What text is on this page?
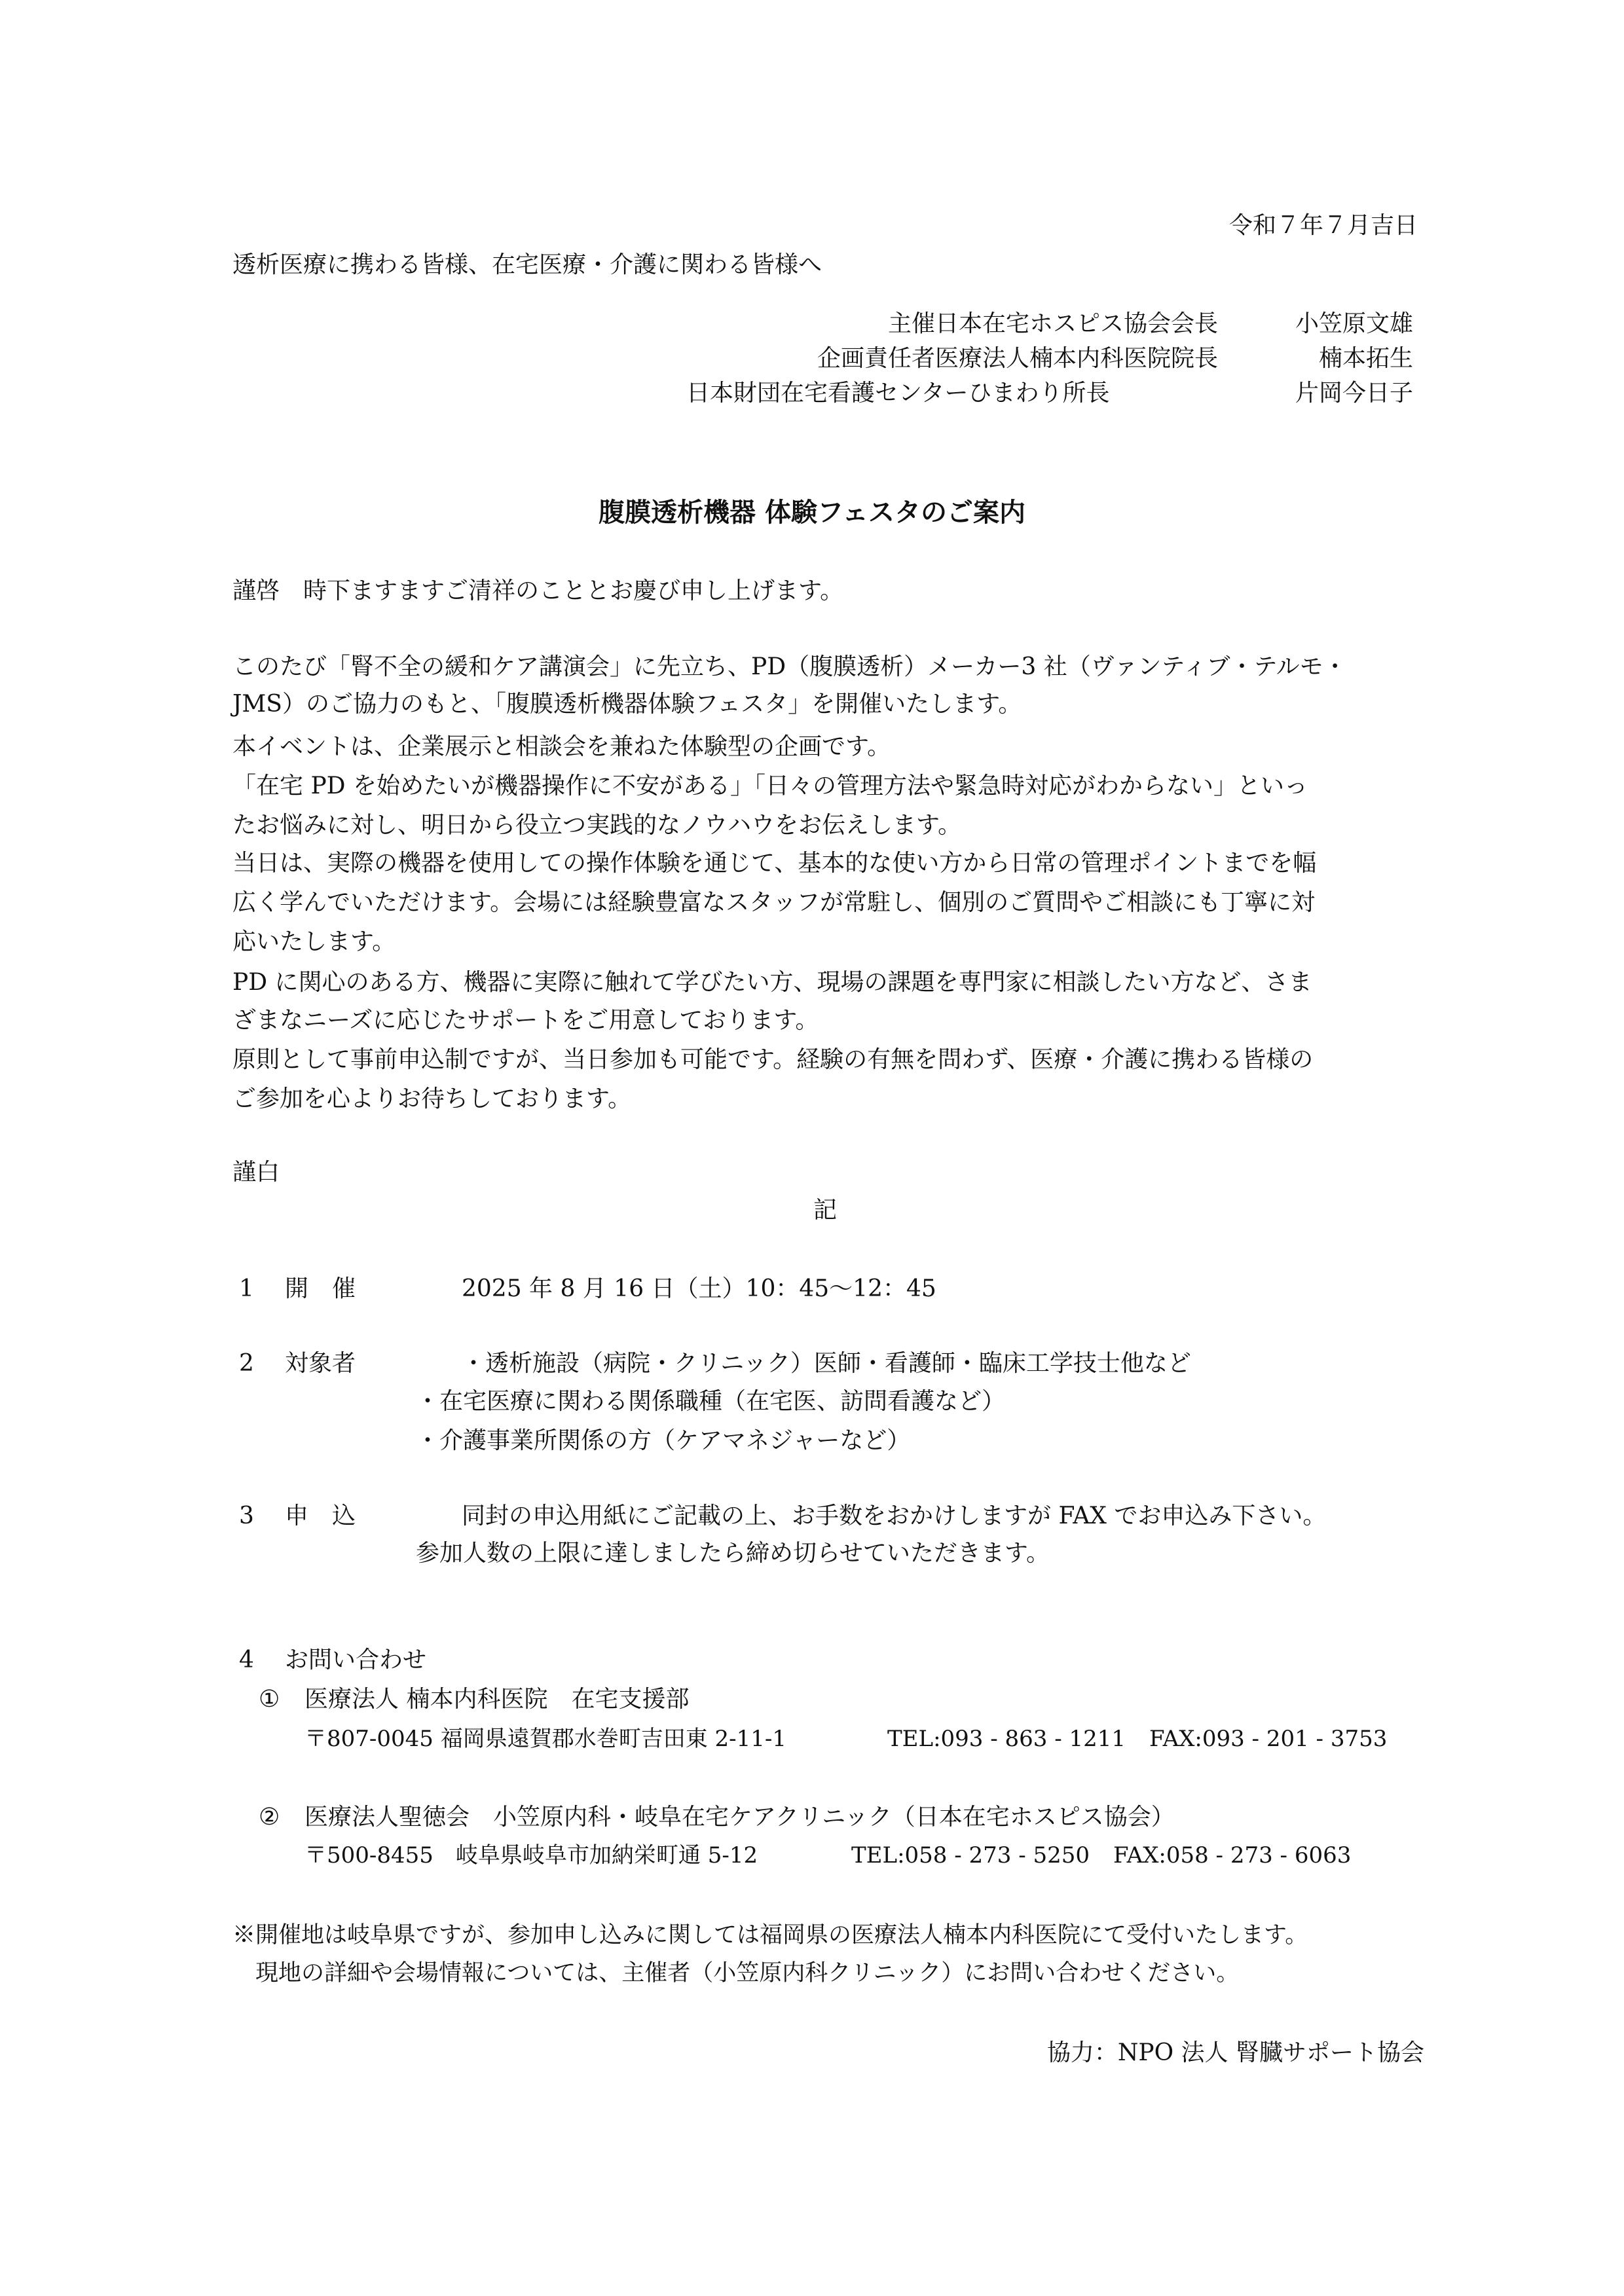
令和７年７月吉日
透析医療に携わる皆様、在宅医療・介護に関わる皆様へ
主催 日本在宅ホスピス協会会長	小笠原文雄
企画責任者 医療法人楠本内科医院院長	楠本拓生
日本財団在宅看護センターひまわり所長	片岡今日子
腹膜透析機器 体験フェスタのご案内
謹啓　時下ますますご清祥のこととお慶び申し上げます。
このたび「腎不全の緩和ケア講演会」に先立ち、PD（腹膜透析）メーカー3 社（ヴァンティブ・テルモ・
JMS）のご協力のもと、「腹膜透析機器体験フェスタ」を開催いたします。
本イベントは、企業展示と相談会を兼ねた体験型の企画です。
「在宅 PD を始めたいが機器操作に不安がある」「日々の管理方法や緊急時対応がわからない」といっ
たお悩みに対し、明日から役立つ実践的なノウハウをお伝えします。
当日は、実際の機器を使用しての操作体験を通じて、基本的な使い方から日常の管理ポイントまでを幅
広く学んでいただけます。会場には経験豊富なスタッフが常駐し、個別のご質問やご相談にも丁寧に対
応いたします。
PD に関心のある方、機器に実際に触れて学びたい方、現場の課題を専門家に相談したい方など、さま
ざまなニーズに応じたサポートをご用意しております。
原則として事前申込制ですが、当日参加も可能です。経験の有無を問わず、医療・介護に携わる皆様の
ご参加を心よりお待ちしております。
謹白
記
1 開　催	2025 年 8 月 16 日（土）10：45〜12：45
2 対象者	・透析施設（病院・クリニック）医師・看護師・臨床工学技士他など
・在宅医療に関わる関係職種（在宅医、訪問看護など）
・介護事業所関係の方（ケアマネジャーなど）
3 申　込	同封の申込用紙にご記載の上、お手数をおかけしますが FAX でお申込み下さい。
参加人数の上限に達しましたら締め切らせていただきます。
4 お問い合わせ
① 医療法人 楠本内科医院　在宅支援部
〒807-0045 福岡県遠賀郡水巻町吉田東 2-11-1	TEL:093 - 863 - 1211 FAX:093 - 201 - 3753
② 医療法人聖徳会　小笠原内科・岐阜在宅ケアクリニック（日本在宅ホスピス協会）
〒500-8455　岐阜県岐阜市加納栄町通 5-12	TEL:058 - 273 - 5250 FAX:058 - 273 - 6063
※開催地は岐阜県ですが、参加申し込みに関しては福岡県の医療法人楠本内科医院にて受付いたします。
　現地の詳細や会場情報については、主催者（小笠原内科クリニック）にお問い合わせください。
協力：NPO 法人 腎臓サポート協会
